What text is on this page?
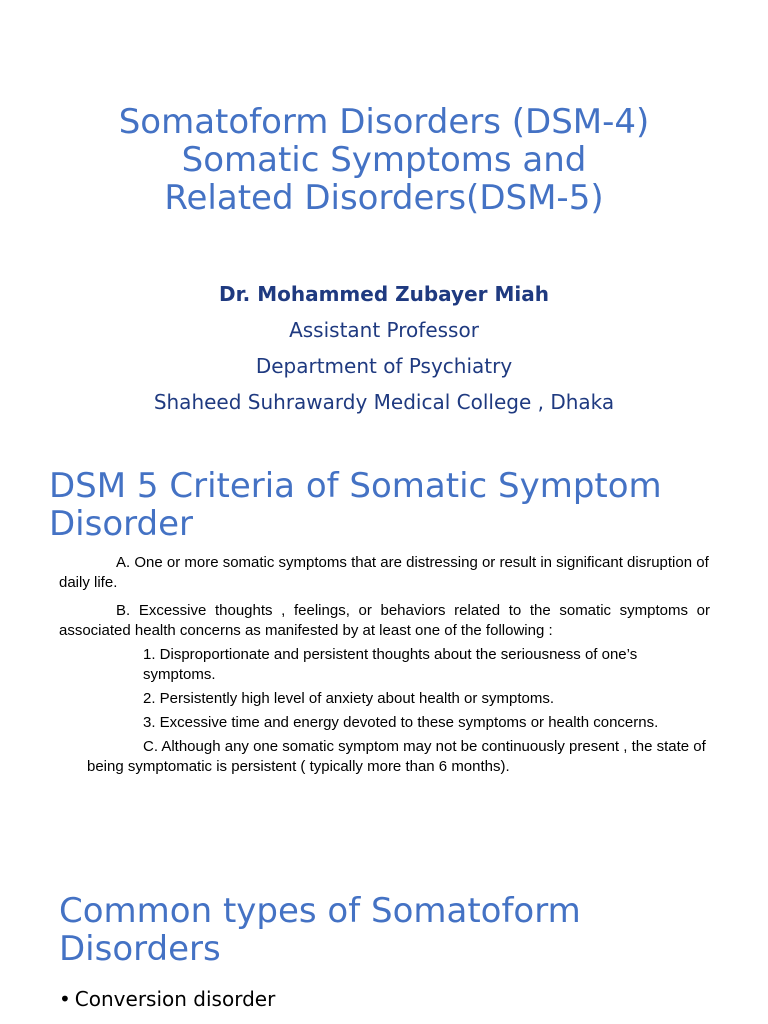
Somatoform Disorders (DSM-4)
Somatic Symptoms and
Related Disorders(DSM-5)
Dr. Mohammed Zubayer Miah
Assistant Professor
Department of Psychiatry
Shaheed Suhrawardy Medical College , Dhaka
DSM 5 Criteria of Somatic Symptom
Disorder

A. One or more somatic symptoms that are distressing or result in significant disruption of daily life.

B. Excessive thoughts , feelings, or behaviors related to the somatic symptoms or associated health concerns as manifested by at least one of the following :

1. Disproportionate and persistent thoughts about the seriousness of one’s symptoms.

2. Persistently high level of anxiety about health or symptoms.

3. Excessive time and energy devoted to these symptoms or health concerns.

C. Although any one somatic symptom may not be continuously present , the state of being symptomatic is persistent ( typically more than 6 months).

Common types of Somatoform
Disorders
• Conversion disorder
